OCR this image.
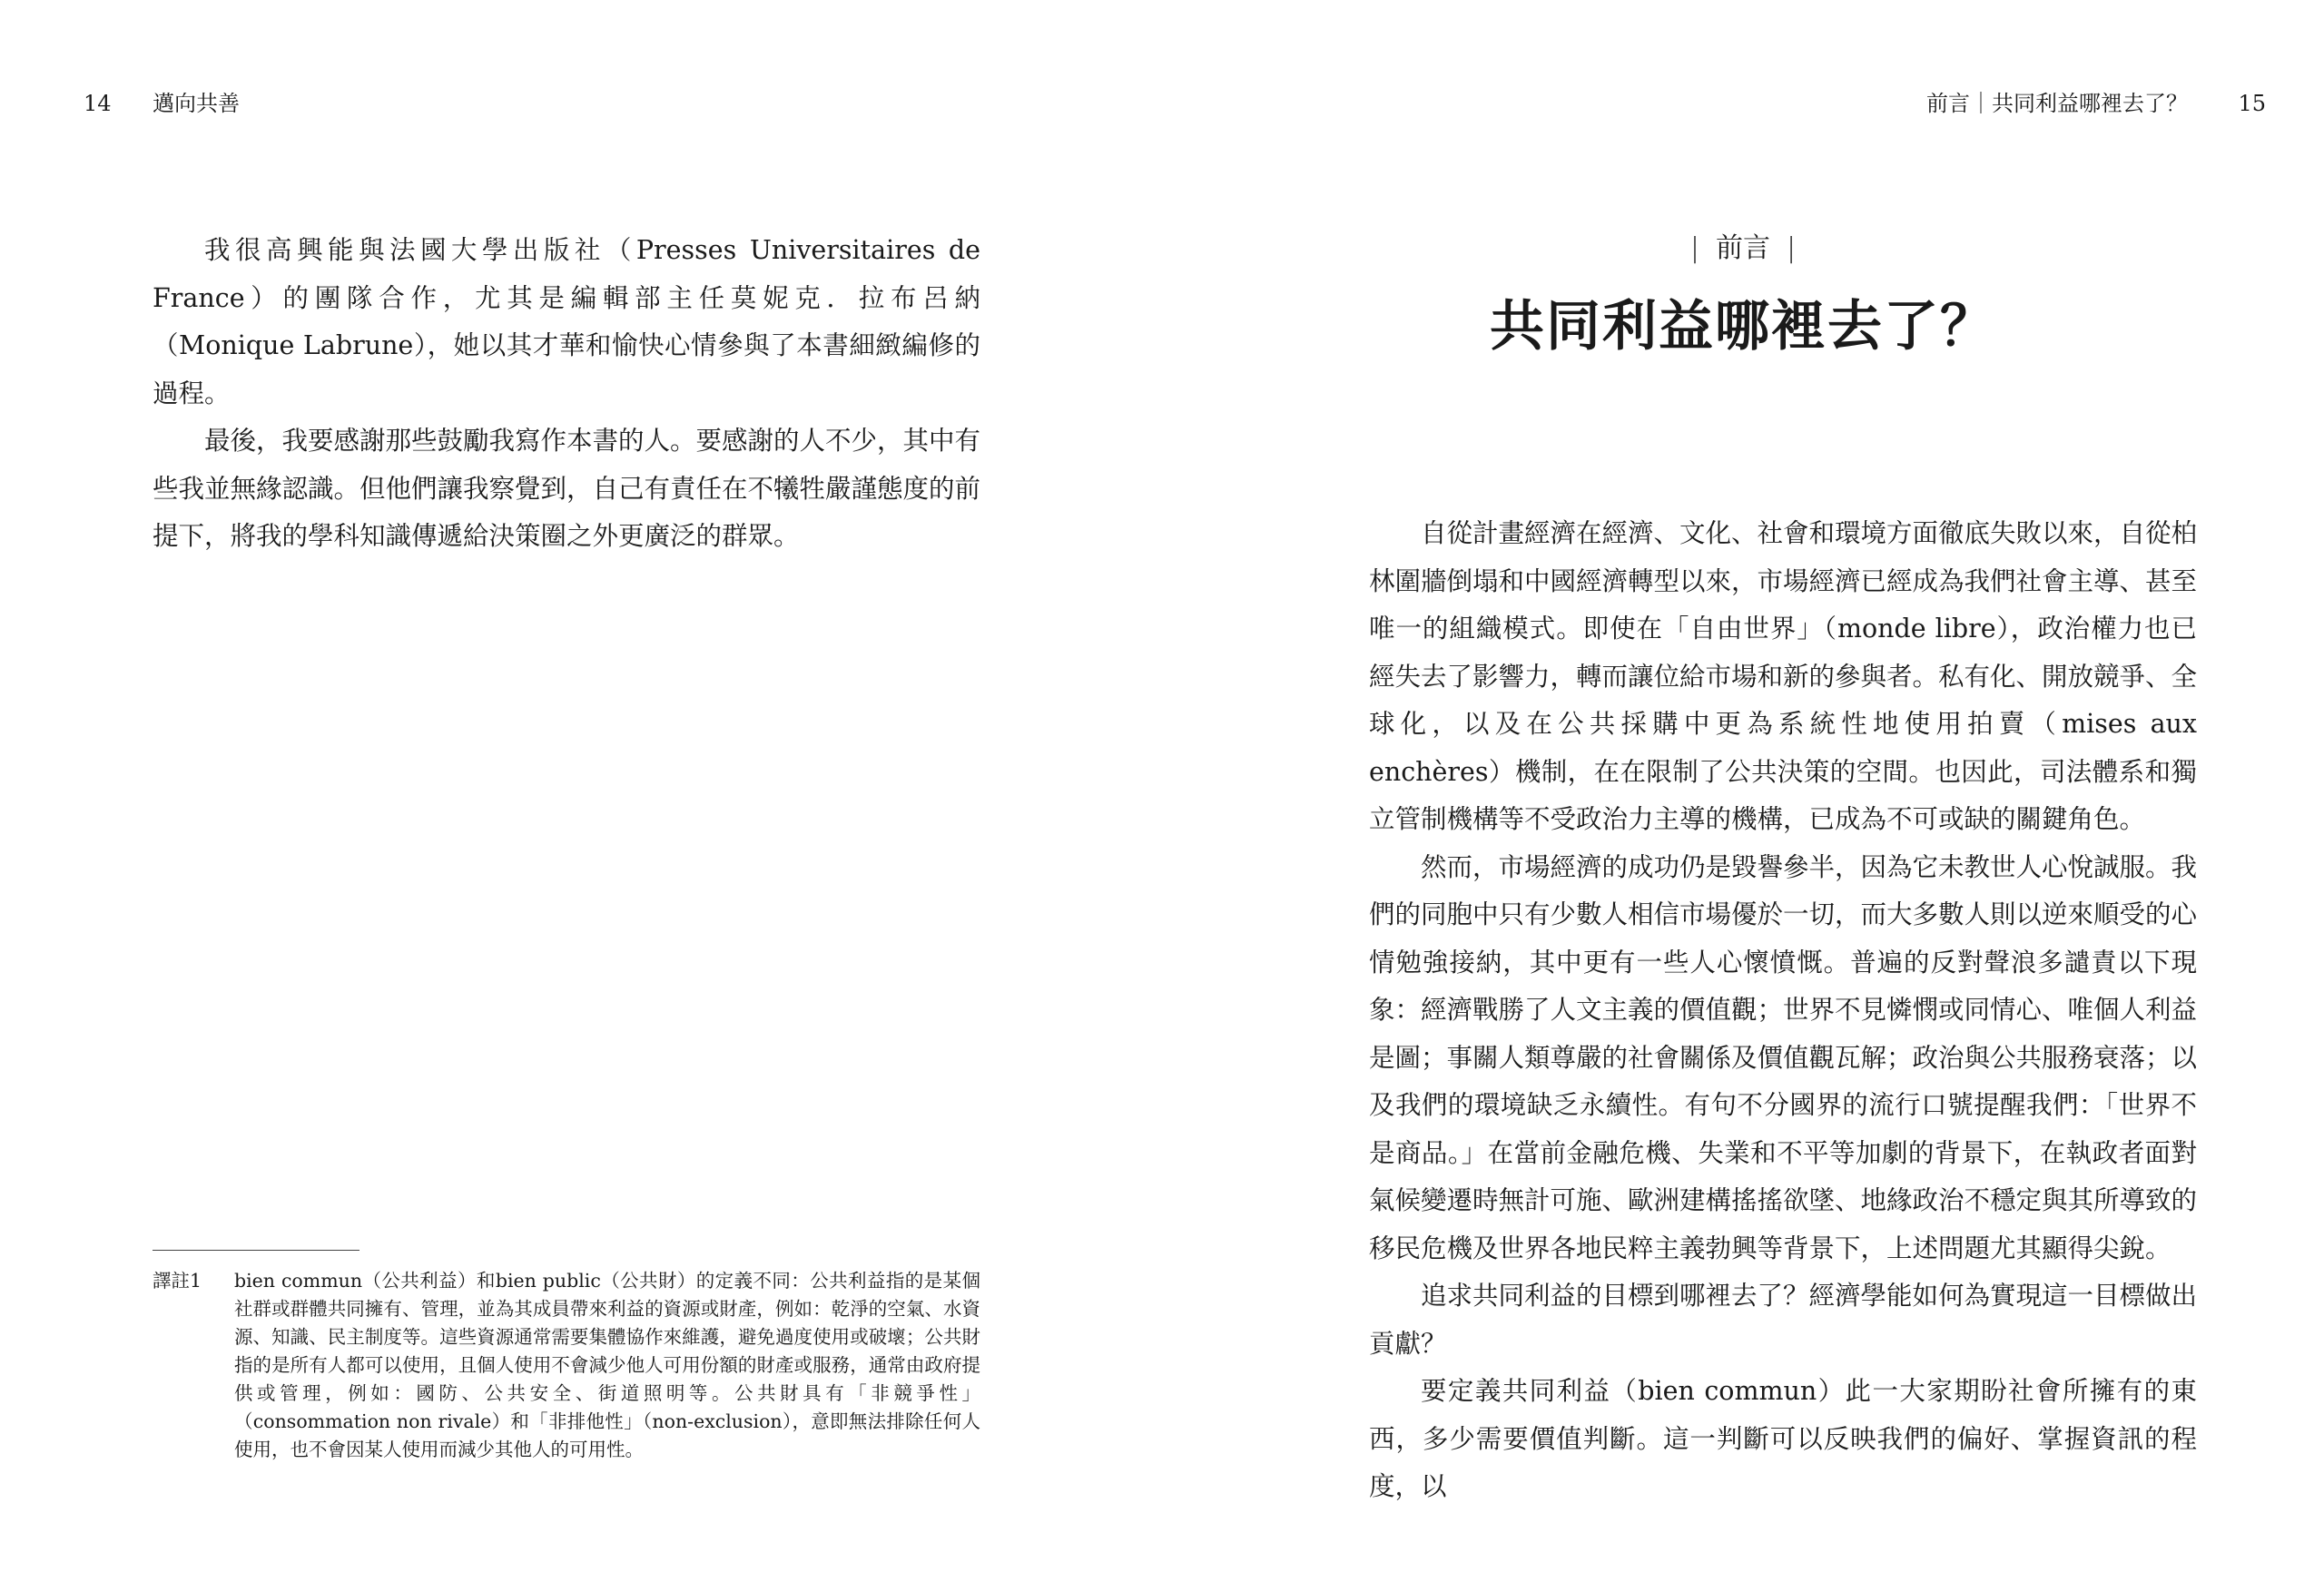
14 邁向共善

我很高興能與法國大學出版社（Presses Universitaires de France）的團隊合作，尤其是編輯部主任莫妮克．拉布呂納（Monique Labrune），她以其才華和愉快心情參與了本書細緻編修的過程。

最後，我要感謝那些鼓勵我寫作本書的人。要感謝的人不少，其中有些我並無緣認識。但他們讓我察覺到，自己有責任在不犧牲嚴謹態度的前提下，將我的學科知識傳遞給決策圈之外更廣泛的群眾。

譯註1	bien commun（公共利益）和bien public（公共財）的定義不同：公共利益指的是某個社群或群體共同擁有、管理，並為其成員帶來利益的資源或財產，例如：乾淨的空氣、水資源、知識、民主制度等。這些資源通常需要集體協作來維護，避免過度使用或破壞；公共財指的是所有人都可以使用，且個人使用不會減少他人可用份額的財產或服務，通常由政府提供或管理，例如：國防、公共安全、街道照明等。公共財具有「非競爭性」（consommation non rivale）和「非排他性」（non-exclusion），意即無法排除任何人使用，也不會因某人使用而減少其他人的可用性。
前言｜共同利益哪裡去了？ 15
| 前言 |
共同利益哪裡去了？

自從計畫經濟在經濟、文化、社會和環境方面徹底失敗以來，自從柏林圍牆倒塌和中國經濟轉型以來，市場經濟已經成為我們社會主導、甚至唯一的組織模式。即使在「自由世界」（monde libre），政治權力也已經失去了影響力，轉而讓位給市場和新的參與者。私有化、開放競爭、全球化，以及在公共採購中更為系統性地使用拍賣（mises aux enchères）機制，在在限制了公共決策的空間。也因此，司法體系和獨立管制機構等不受政治力主導的機構，已成為不可或缺的關鍵角色。

然而，市場經濟的成功仍是毀譽參半，因為它未教世人心悅誠服。我們的同胞中只有少數人相信市場優於一切，而大多數人則以逆來順受的心情勉強接納，其中更有一些人心懷憤慨。普遍的反對聲浪多譴責以下現象：經濟戰勝了人文主義的價值觀；世界不見憐憫或同情心、唯個人利益是圖；事關人類尊嚴的社會關係及價值觀瓦解；政治與公共服務衰落；以及我們的環境缺乏永續性。有句不分國界的流行口號提醒我們：「世界不是商品。」在當前金融危機、失業和不平等加劇的背景下，在執政者面對氣候變遷時無計可施、歐洲建構搖搖欲墜、地緣政治不穩定與其所導致的移民危機及世界各地民粹主義勃興等背景下，上述問題尤其顯得尖銳。

追求共同利益的目標到哪裡去了？經濟學能如何為實現這一目標做出貢獻？

要定義共同利益（bien commun）此一大家期盼社會所擁有的東西，多少需要價值判斷。這一判斷可以反映我們的偏好、掌握資訊的程度，以
